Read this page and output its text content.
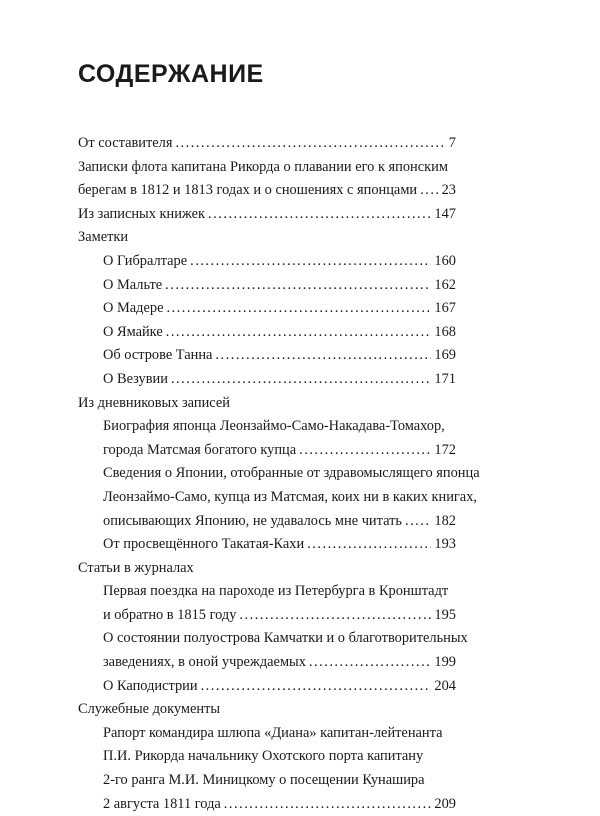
СОДЕРЖАНИЕ
От составителя .....	7
Записки флота капитана Рикорда о плавании его к японским
берегам в 1812 и 1813 годах и о сношениях с японцами ..... 23
Из записных книжек .....	147
Заметки
О Гибралтаре .....	160
О Мальте .....	162
О Мадере .....	167
О Ямайке .....	168
Об острове Танна .....	169
О Везувии .....	171
Из дневниковых записей
Биография японца Леонзаймо-Само-Накадава-Томахор,
города Матсмая богатого купца .....	172
Сведения о Японии, отобранные от здравомыслящего японца
Леонзаймо-Само, купца из Матсмая, коих ни в каких книгах,
описывающих Японию, не удавалось мне читать ..... 182
От просвещённого Такатая-Кахи .....	193
Статьи в журналах
Первая поездка на пароходе из Петербурга в Кронштадт
и обратно в 1815 году .....	195
О состоянии полуострова Камчатки и о благотворительных
заведениях, в оной учреждаемых .....	199
О Каподистрии .....	204
Служебные документы
Рапорт командира шлюпа «Диана» капитан-лейтенанта
П.И. Рикорда начальнику Охотского порта капитану
2-го ранга М.И. Миницкому о посещении Кунашира
2 августа 1811 года .....	209
